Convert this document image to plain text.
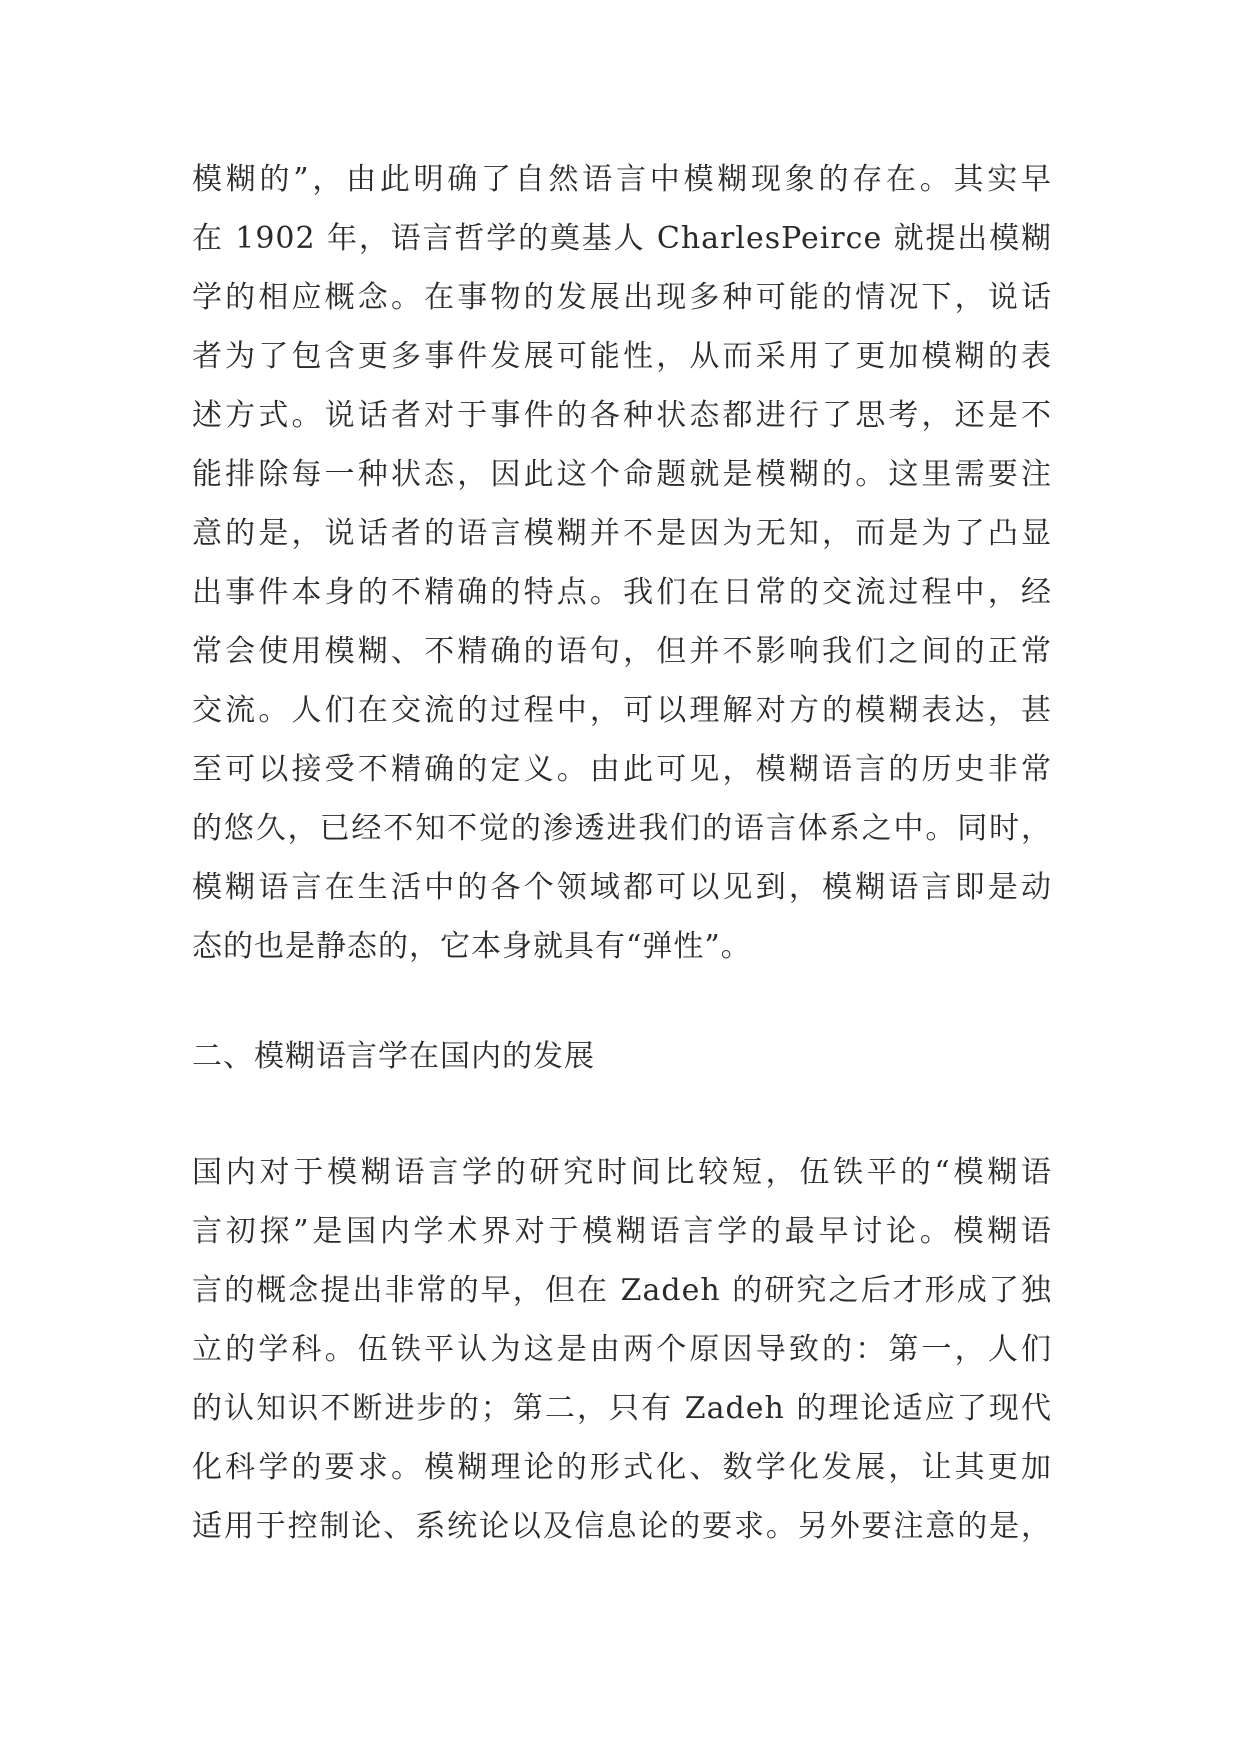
模糊的”，由此明确了自然语言中模糊现象的存在。其实早
在 1902 年，语言哲学的奠基人 CharlesPeirce 就提出模糊
学的相应概念。在事物的发展出现多种可能的情况下，说话
者为了包含更多事件发展可能性，从而采用了更加模糊的表
述方式。说话者对于事件的各种状态都进行了思考，还是不
能排除每一种状态，因此这个命题就是模糊的。这里需要注
意的是，说话者的语言模糊并不是因为无知，而是为了凸显
出事件本身的不精确的特点。我们在日常的交流过程中，经
常会使用模糊、不精确的语句，但并不影响我们之间的正常
交流。人们在交流的过程中，可以理解对方的模糊表达，甚
至可以接受不精确的定义。由此可见，模糊语言的历史非常
的悠久，已经不知不觉的渗透进我们的语言体系之中。同时，
模糊语言在生活中的各个领域都可以见到，模糊语言即是动
态的也是静态的，它本身就具有“弹性”。
二、模糊语言学在国内的发展
国内对于模糊语言学的研究时间比较短，伍铁平的“模糊语
言初探”是国内学术界对于模糊语言学的最早讨论。模糊语
言的概念提出非常的早，但在 Zadeh 的研究之后才形成了独
立的学科。伍铁平认为这是由两个原因导致的：第一，人们
的认知识不断进步的；第二，只有 Zadeh 的理论适应了现代
化科学的要求。模糊理论的形式化、数学化发展，让其更加
适用于控制论、系统论以及信息论的要求。另外要注意的是，
